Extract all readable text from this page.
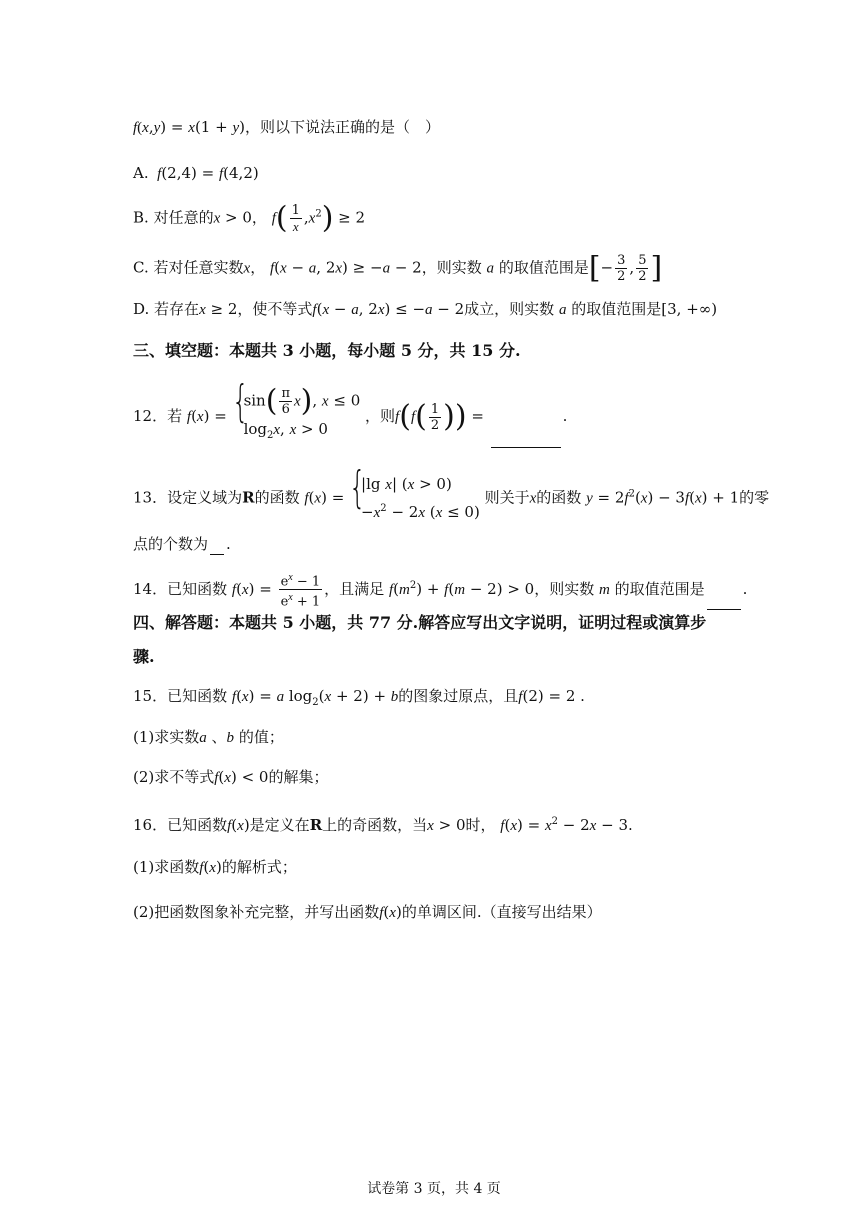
f(x,y) = x(1 + y)，则以下说法正确的是（　）
A.  f(2,4) = f(4,2)
B. 对任意的x > 0， $f( \frac{1}{x} ,x^2) \ge 2$
C. 若对任意实数x， f(x − a, 2x) ≥ −a − 2，则实数 a 的取值范围是[− $\frac{3}{2}$ , $\frac{5}{2}$ ]
D. 若存在x ≥ 2，使不等式f(x − a, 2x) ≤ −a − 2成立，则实数 a 的取值范围是[3, +∞)
三、填空题：本题共 3 小题，每小题 5 分，共 15 分.
12．若 f(x) = {
$\sin( \frac{\pi}{6} x)$, x ≤ 0
$\log_2x$, x > 0
，则$f(f( \frac{1}{2}$ )) =	.
13．设定义域为R的函数 f(x) = {
|lg x| (x > 0)
$-x^2 - 2x$ (x ≤ 0)
则关于x的函数 $y = 2f^2(x) - 3f(x) + 1$的零
点的个数为 .
14．已知函数 $f(x) = \frac{e^x - 1}{e^x + 1}$ ，且满足 $f(m^2) + f(m - 2) > 0$，则实数 m 的取值范围是	.
四、解答题：本题共 5 小题，共 77 分.解答应写出文字说明，证明过程或演算步
骤.
15．已知函数 f(x) = a $\log_2(x + 2) + b$的图象过原点，且f(2) = 2 .
(1)求实数a 、b 的值；
(2)求不等式f(x) < 0的解集；
16．已知函数f(x)是定义在R上的奇函数，当x > 0时， $f(x) = x^2 - 2x - 3$.
(1)求函数f(x)的解析式；
(2)把函数图象补充完整，并写出函数f(x)的单调区间.（直接写出结果）
试卷第 3 页，共 4 页
